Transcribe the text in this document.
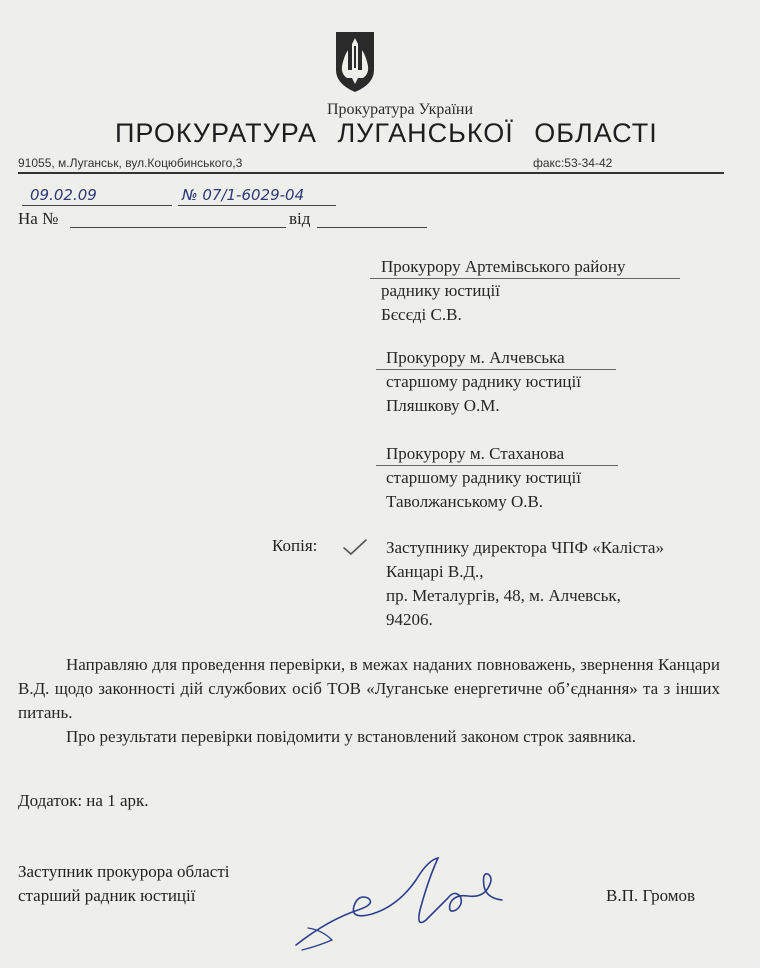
Прокуратура України
ПРОКУРАТУРА ЛУГАНСЬКОЇ ОБЛАСТІ
91055, м.Луганськ, вул.Коцюбинського,3	факс:53-34-42
09.02.09	№ 07/1-6029-04
На №	від
Прокурору Артемівського району
раднику юстиції
Бєсєді С.В.
Прокурору м. Алчевська
старшому раднику юстиції
Пляшкову О.М.
Прокурору м. Стаханова
старшому раднику юстиції
Таволжанському О.В.
Копія:	Заступнику директора ЧПФ «Калiста»
Канцарі В.Д.,
пр. Металургів, 48, м. Алчевськ,
94206.
Направляю для проведення перевірки, в межах наданих повноважень, звернення Канцари В.Д. щодо законності дій службових осіб ТОВ «Луганське енергетичне об’єднання» та з інших питань.
Про результати перевірки повідомити у встановлений законом строк заявника.
Додаток: на 1 арк.
Заступник прокурора області
старший радник юстиції	В.П. Громов
